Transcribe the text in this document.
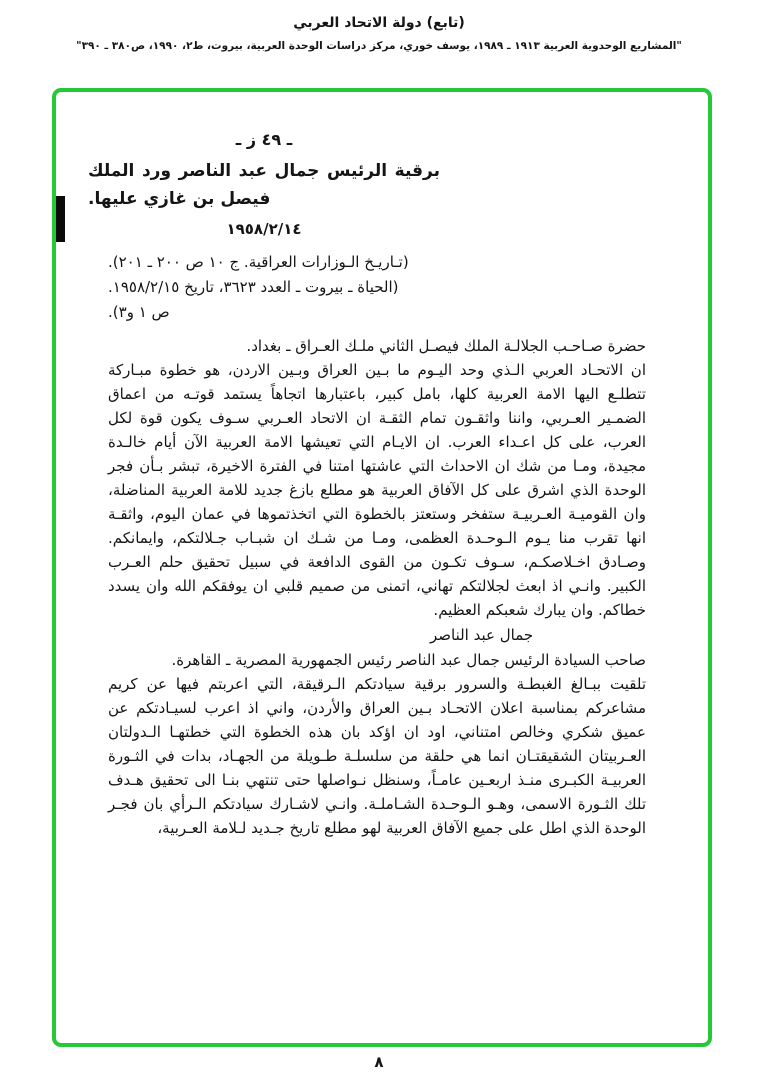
(تابع) دولة الاتحاد العربي
"المشاريع الوحدوية العربية ١٩١٣ ـ ١٩٨٩، يوسف خوري، مركز دراسات الوحدة العربية، بيروت، ط٢، ١٩٩٠، ص٣٨٠ ـ ٣٩٠"
ـ ٤٩ ز ـ
برقية الرئيس جمال عبد الناصر ورد الملك فيصل بن غازي عليها.
١٩٥٨/٢/١٤
(تـاريـخ الـوزارات العراقية. ج ١٠ ص ٢٠٠ ـ ٢٠١).
(الحياة ـ بيروت ـ العدد ٣٦٢٣، تاريخ ١٩٥٨/٢/١٥.
ص ١ و٣).

حضرة صـاحـب الجلالـة الملك فيصـل الثاني ملـك العـراق ـ بغداد.

ان الاتحـاد العربي الـذي وحد اليـوم ما بـين العراق وبـين الاردن، هو خطوة مبـاركة تتطلـع اليها الامة العربية كلها، بامل كبير، باعتبارها اتجاهاً يستمد قوتـه من اعماق الضمـير العـربي، واننا واثقـون تمام الثقـة ان الاتحاد العـربي سـوف يكون قوة لكل العرب، على كل اعـداء العرب. ان الايـام التي تعيشها الامة العربية الآن أيام خالـدة مجيدة، ومـا من شك ان الاحداث التي عاشتها امتنا في الفترة الاخيرة، تبشر بـأن فجر الوحدة الذي اشرق على كل الآفاق العربية هو مطلع بازغ جديد للامة العربية المناضلة، وان القوميـة العـربيـة ستفخر وستعتز بالخطوة التي اتخذتموها في عمان اليوم، واثقـة انها تقرب منا يـوم الـوحـدة العظمى، ومـا من شـك ان شبـاب جـلالتكم، وايمانكم. وصـادق اخـلاصكـم، سـوف تكـون من القوى الدافعة في سبيل تحقيق حلم العـرب الكبير. وانـي اذ ابعث لجلالتكم تهاني، اتمنى من صميم قلبي ان يوفقكم الله وان يسدد خطاكم. وان يبارك شعبكم العظيم.

جمال عبد الناصر

صاحب السيادة الرئيس جمال عبد الناصر رئيس الجمهورية المصرية ـ القاهرة.

تلقيت ببـالغ الغبطـة والسرور برقية سيادتكم الـرقيقة، التي اعربتم فيها عن كريم مشاعركم بمناسبة اعلان الاتحـاد بـين العراق والأردن، واني اذ اعرب لسيـادتكم عن عميق شكري وخالص امتناني، اود ان اؤكد بان هذه الخطوة التي خطتهـا الـدولتان العـربيتان الشقيقتـان انما هي حلقة من سلسلـة طـويلة من الجهـاد، بدات في الثـورة العربيـة الكبـرى منـذ اربعـين عامـاً، وسنظل نـواصلها حتى تنتهي بنـا الى تحقيق هـدف تلك الثـورة الاسمى، وهـو الـوحـدة الشـاملـة. وانـي لاشـارك سيادتكم الـرأي بان فجـر الوحدة الذي اطل على جميع الآفاق العربية لهو مطلع تاريخ جـديد لـلامة العـربية،

٨
